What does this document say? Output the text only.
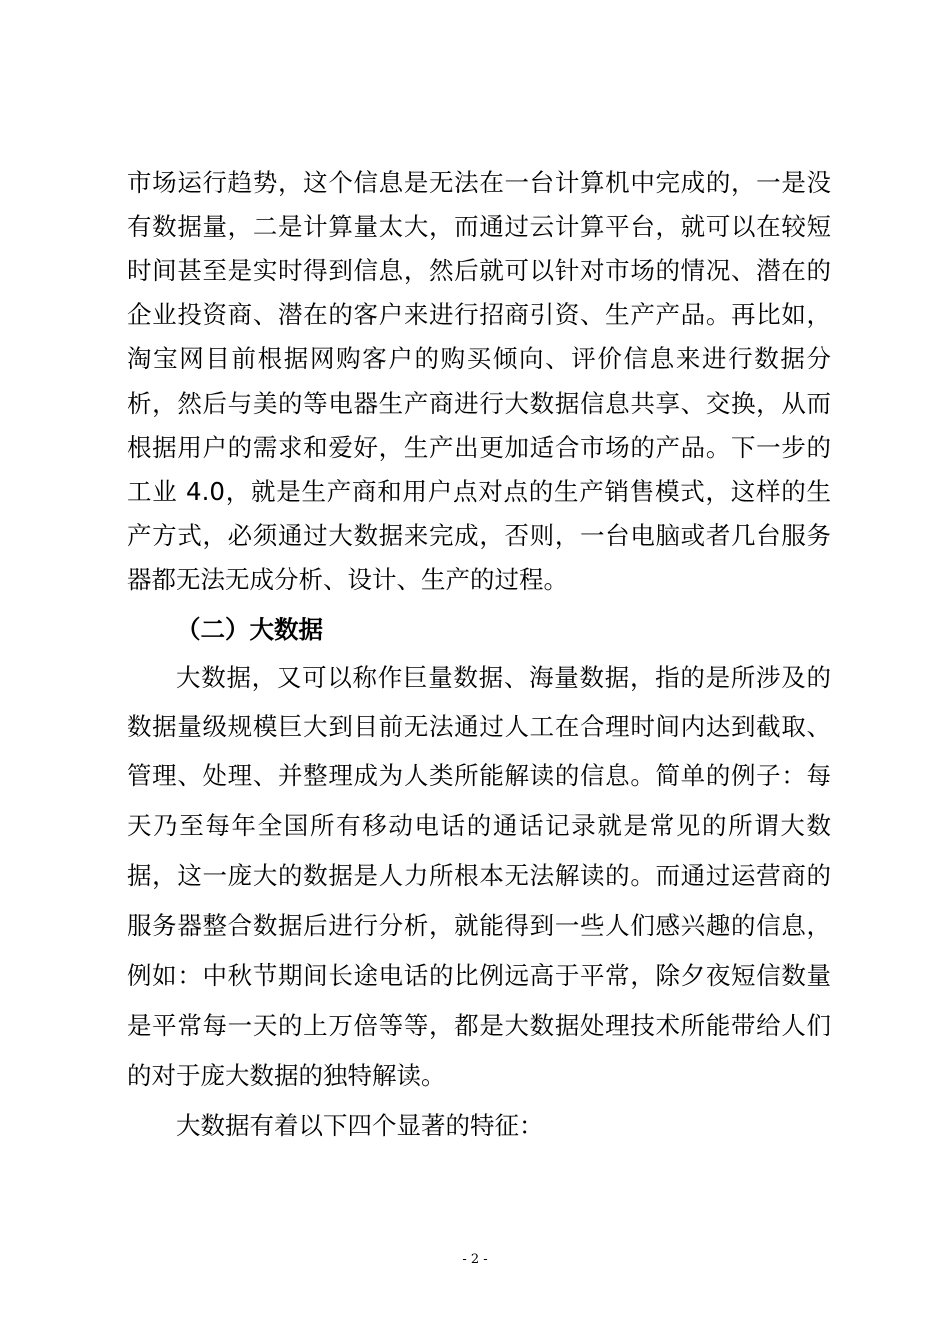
市场运行趋势，这个信息是无法在一台计算机中完成的，一是没
有数据量，二是计算量太大，而通过云计算平台，就可以在较短
时间甚至是实时得到信息，然后就可以针对市场的情况、潜在的
企业投资商、潜在的客户来进行招商引资、生产产品。再比如，
淘宝网目前根据网购客户的购买倾向、评价信息来进行数据分
析，然后与美的等电器生产商进行大数据信息共享、交换，从而
根据用户的需求和爱好，生产出更加适合市场的产品。下一步的
工业 4.0，就是生产商和用户点对点的生产销售模式，这样的生
产方式，必须通过大数据来完成，否则，一台电脑或者几台服务
器都无法无成分析、设计、生产的过程。
（二）大数据
大数据，又可以称作巨量数据、海量数据，指的是所涉及的
数据量级规模巨大到目前无法通过人工在合理时间内达到截取、
管理、处理、并整理成为人类所能解读的信息。简单的例子：每
天乃至每年全国所有移动电话的通话记录就是常见的所谓大数
据，这一庞大的数据是人力所根本无法解读的。而通过运营商的
服务器整合数据后进行分析，就能得到一些人们感兴趣的信息，
例如：中秋节期间长途电话的比例远高于平常，除夕夜短信数量
是平常每一天的上万倍等等，都是大数据处理技术所能带给人们
的对于庞大数据的独特解读。
大数据有着以下四个显著的特征：
- 2 -
